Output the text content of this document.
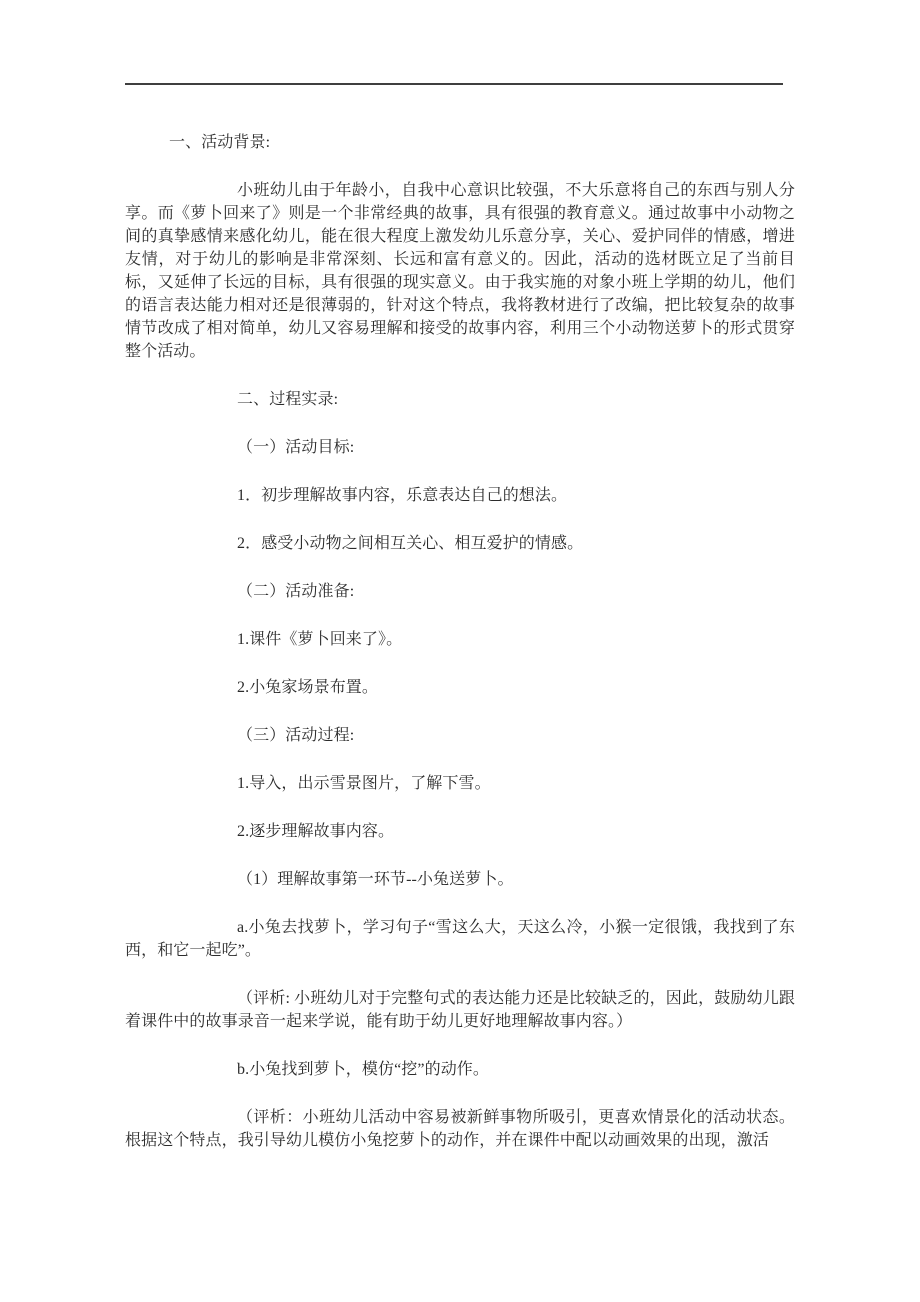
一、活动背景:

小班幼儿由于年龄小，自我中心意识比较强，不大乐意将自己的东西与别人分享。而《萝卜回来了》则是一个非常经典的故事，具有很强的教育意义。通过故事中小动物之间的真挚感情来感化幼儿，能在很大程度上激发幼儿乐意分享，关心、爱护同伴的情感，增进友情，对于幼儿的影响是非常深刻、长远和富有意义的。因此，活动的选材既立足了当前目标，又延伸了长远的目标，具有很强的现实意义。由于我实施的对象小班上学期的幼儿，他们的语言表达能力相对还是很薄弱的，针对这个特点，我将教材进行了改编，把比较复杂的故事情节改成了相对简单，幼儿又容易理解和接受的故事内容，利用三个小动物送萝卜的形式贯穿整个活动。

二、过程实录:

（一）活动目标:

1．初步理解故事内容，乐意表达自己的想法。

2．感受小动物之间相互关心、相互爱护的情感。

（二）活动准备:

1.课件《萝卜回来了》。

2.小兔家场景布置。

（三）活动过程:

1.导入，出示雪景图片，了解下雪。

2.逐步理解故事内容。

（1）理解故事第一环节--小兔送萝卜。

a.小兔去找萝卜，学习句子“雪这么大，天这么冷，小猴一定很饿，我找到了东西，和它一起吃”。

（评析: 小班幼儿对于完整句式的表达能力还是比较缺乏的，因此，鼓励幼儿跟着课件中的故事录音一起来学说，能有助于幼儿更好地理解故事内容。）

b.小兔找到萝卜，模仿“挖”的动作。

（评析：小班幼儿活动中容易被新鲜事物所吸引，更喜欢情景化的活动状态。根据这个特点，我引导幼儿模仿小兔挖萝卜的动作，并在课件中配以动画效果的出现，激活
